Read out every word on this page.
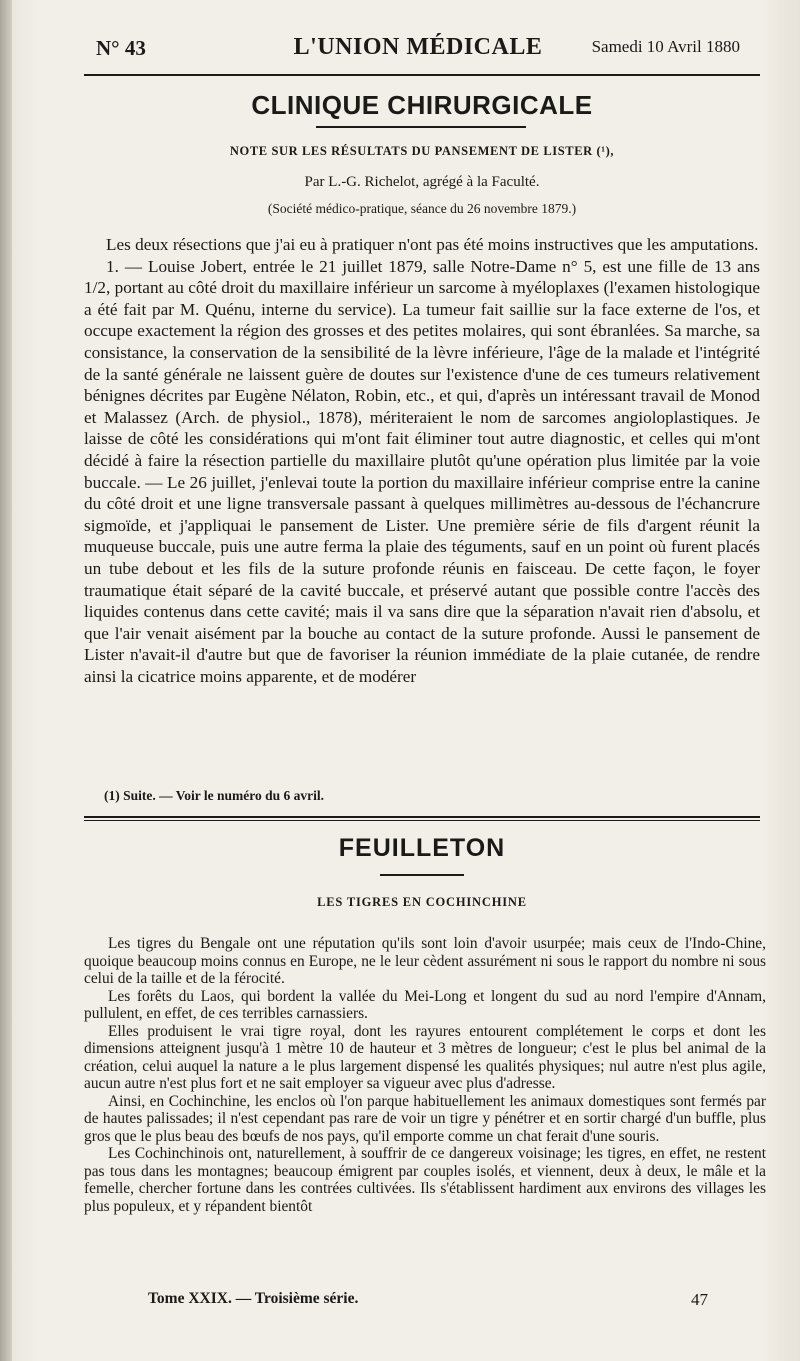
N° 43	L'UNION MÉDICALE	Samedi 10 Avril 1880
CLINIQUE CHIRURGICALE
NOTE SUR LES RÉSULTATS DU PANSEMENT DE LISTER (¹),
Par L.-G. Richelot, agrégé à la Faculté.
(Société médico-pratique, séance du 26 novembre 1879.)

Les deux résections que j'ai eu à pratiquer n'ont pas été moins instructives que les amputations.

1. — Louise Jobert, entrée le 21 juillet 1879, salle Notre-Dame n° 5, est une fille de 13 ans 1/2, portant au côté droit du maxillaire inférieur un sarcome à myéloplaxes (l'examen histologique a été fait par M. Quénu, interne du service). La tumeur fait saillie sur la face externe de l'os, et occupe exactement la région des grosses et des petites molaires, qui sont ébranlées. Sa marche, sa consistance, la conservation de la sensibilité de la lèvre inférieure, l'âge de la malade et l'intégrité de la santé générale ne laissent guère de doutes sur l'existence d'une de ces tumeurs relativement bénignes décrites par Eugène Nélaton, Robin, etc., et qui, d'après un intéressant travail de Monod et Malassez (Arch. de physiol., 1878), mériteraient le nom de sarcomes angioloplastiques. Je laisse de côté les considérations qui m'ont fait éliminer tout autre diagnostic, et celles qui m'ont décidé à faire la résection partielle du maxillaire plutôt qu'une opération plus limitée par la voie buccale. — Le 26 juillet, j'enlevai toute la portion du maxillaire inférieur comprise entre la canine du côté droit et une ligne transversale passant à quelques millimètres au-dessous de l'échancrure sigmoïde, et j'appliquai le pansement de Lister. Une première série de fils d'argent réunit la muqueuse buccale, puis une autre ferma la plaie des téguments, sauf en un point où furent placés un tube debout et les fils de la suture profonde réunis en faisceau. De cette façon, le foyer traumatique était séparé de la cavité buccale, et préservé autant que possible contre l'accès des liquides contenus dans cette cavité; mais il va sans dire que la séparation n'avait rien d'absolu, et que l'air venait aisément par la bouche au contact de la suture profonde. Aussi le pansement de Lister n'avait-il d'autre but que de favoriser la réunion immédiate de la plaie cutanée, de rendre ainsi la cicatrice moins apparente, et de modérer

(1) Suite. — Voir le numéro du 6 avril.
FEUILLETON
LES TIGRES EN COCHINCHINE

Les tigres du Bengale ont une réputation qu'ils sont loin d'avoir usurpée; mais ceux de l'Indo-Chine, quoique beaucoup moins connus en Europe, ne le leur cèdent assurément ni sous le rapport du nombre ni sous celui de la taille et de la férocité.

Les forêts du Laos, qui bordent la vallée du Mei-Long et longent du sud au nord l'empire d'Annam, pullulent, en effet, de ces terribles carnassiers.

Elles produisent le vrai tigre royal, dont les rayures entourent complétement le corps et dont les dimensions atteignent jusqu'à 1 mètre 10 de hauteur et 3 mètres de longueur; c'est le plus bel animal de la création, celui auquel la nature a le plus largement dispensé les qualités physiques; nul autre n'est plus agile, aucun autre n'est plus fort et ne sait employer sa vigueur avec plus d'adresse.

Ainsi, en Cochinchine, les enclos où l'on parque habituellement les animaux domestiques sont fermés par de hautes palissades; il n'est cependant pas rare de voir un tigre y pénétrer et en sortir chargé d'un buffle, plus gros que le plus beau des bœufs de nos pays, qu'il emporte comme un chat ferait d'une souris.

Les Cochinchinois ont, naturellement, à souffrir de ce dangereux voisinage; les tigres, en effet, ne restent pas tous dans les montagnes; beaucoup émigrent par couples isolés, et viennent, deux à deux, le mâle et la femelle, chercher fortune dans les contrées cultivées. Ils s'établissent hardiment aux environs des villages les plus populeux, et y répandent bientôt

Tome XXIX. — Troisième série.	47
